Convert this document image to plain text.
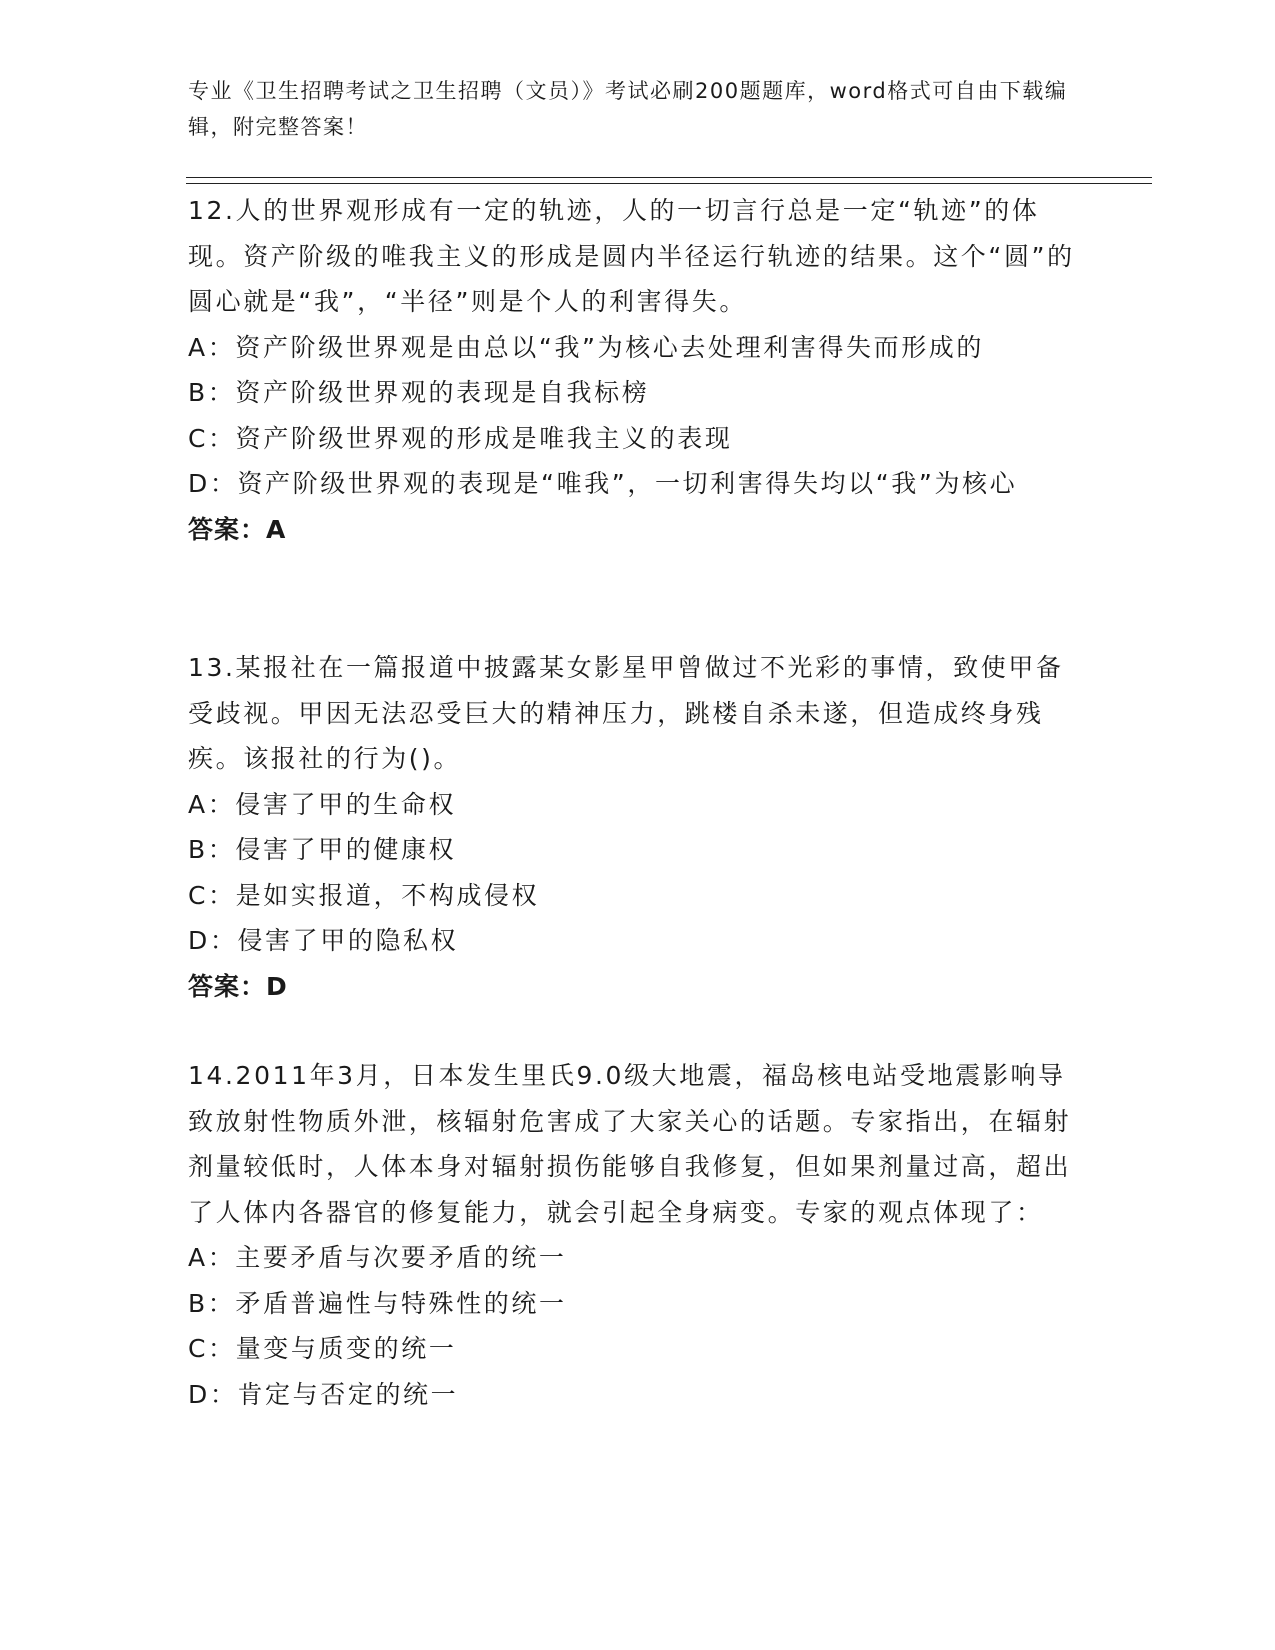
专业《卫生招聘考试之卫生招聘（文员）》考试必刷200题题库，word格式可自由下载编辑，附完整答案！
12.人的世界观形成有一定的轨迹，人的一切言行总是一定“轨迹”的体现。资产阶级的唯我主义的形成是圆内半径运行轨迹的结果。这个“圆”的圆心就是“我”，“半径”则是个人的利害得失。
A：资产阶级世界观是由总以“我”为核心去处理利害得失而形成的
B：资产阶级世界观的表现是自我标榜
C：资产阶级世界观的形成是唯我主义的表现
D：资产阶级世界观的表现是“唯我”，一切利害得失均以“我”为核心
答案：A
13.某报社在一篇报道中披露某女影星甲曾做过不光彩的事情，致使甲备受歧视。甲因无法忍受巨大的精神压力，跳楼自杀未遂，但造成终身残疾。该报社的行为()。
A：侵害了甲的生命权
B：侵害了甲的健康权
C：是如实报道，不构成侵权
D：侵害了甲的隐私权
答案：D
14.2011年3月，日本发生里氏9.0级大地震，福岛核电站受地震影响导致放射性物质外泄，核辐射危害成了大家关心的话题。专家指出，在辐射剂量较低时，人体本身对辐射损伤能够自我修复，但如果剂量过高，超出了人体内各器官的修复能力，就会引起全身病变。专家的观点体现了：
A：主要矛盾与次要矛盾的统一
B：矛盾普遍性与特殊性的统一
C：量变与质变的统一
D：肯定与否定的统一
